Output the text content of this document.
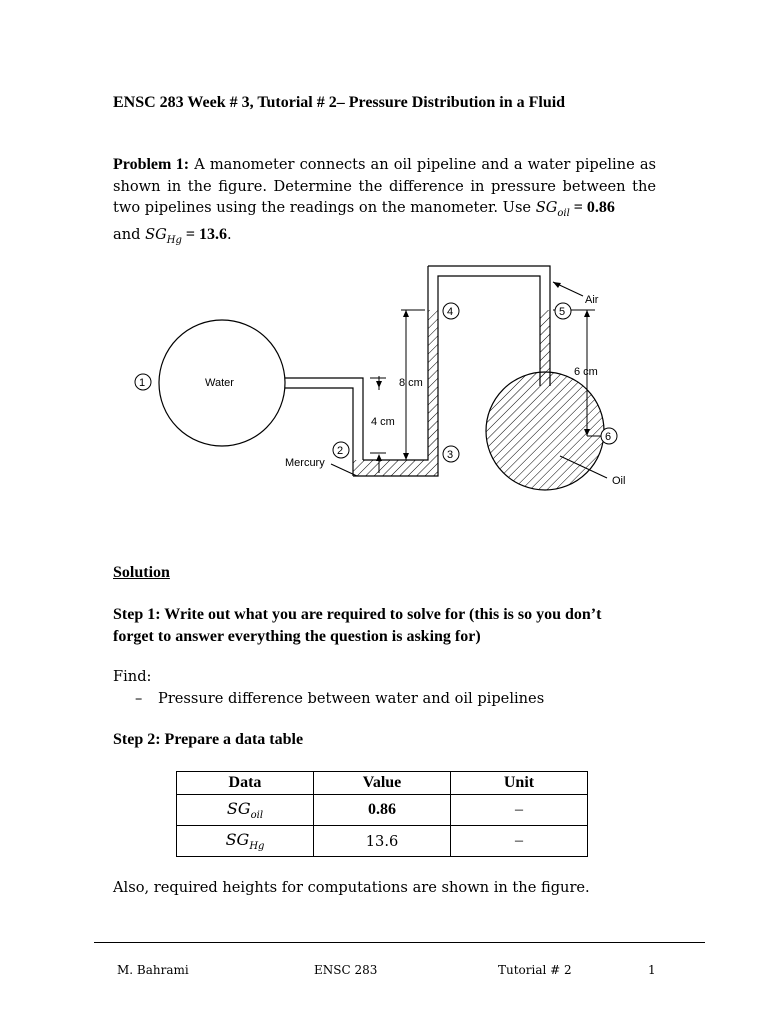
ENSC 283 Week # 3, Tutorial # 2– Pressure Distribution in a Fluid
Problem 1: A manometer connects an oil pipeline and a water pipeline as shown in the figure. Determine the difference in pressure between the two pipelines using the readings on the manometer. Use $SG_{oil} = 0.86$
and $SG_{Hg} = 13.6$.
8 cm
4 cm
6 cm
1
2	3
4	5
6
Water
Mercury
Air
Oil
Solution
Step 1: Write out what you are required to solve for (this is so you don’t
forget to answer everything the question is asking for)
Find:
– Pressure difference between water and oil pipelines
Step 2: Prepare a data table
Data	Value	Unit
$SG_{oil}$	0.86	–
$SG_{Hg}$	13.6	–
Also, required heights for computations are shown in the figure.
M. Bahrami	ENSC 283	Tutorial # 2	1
